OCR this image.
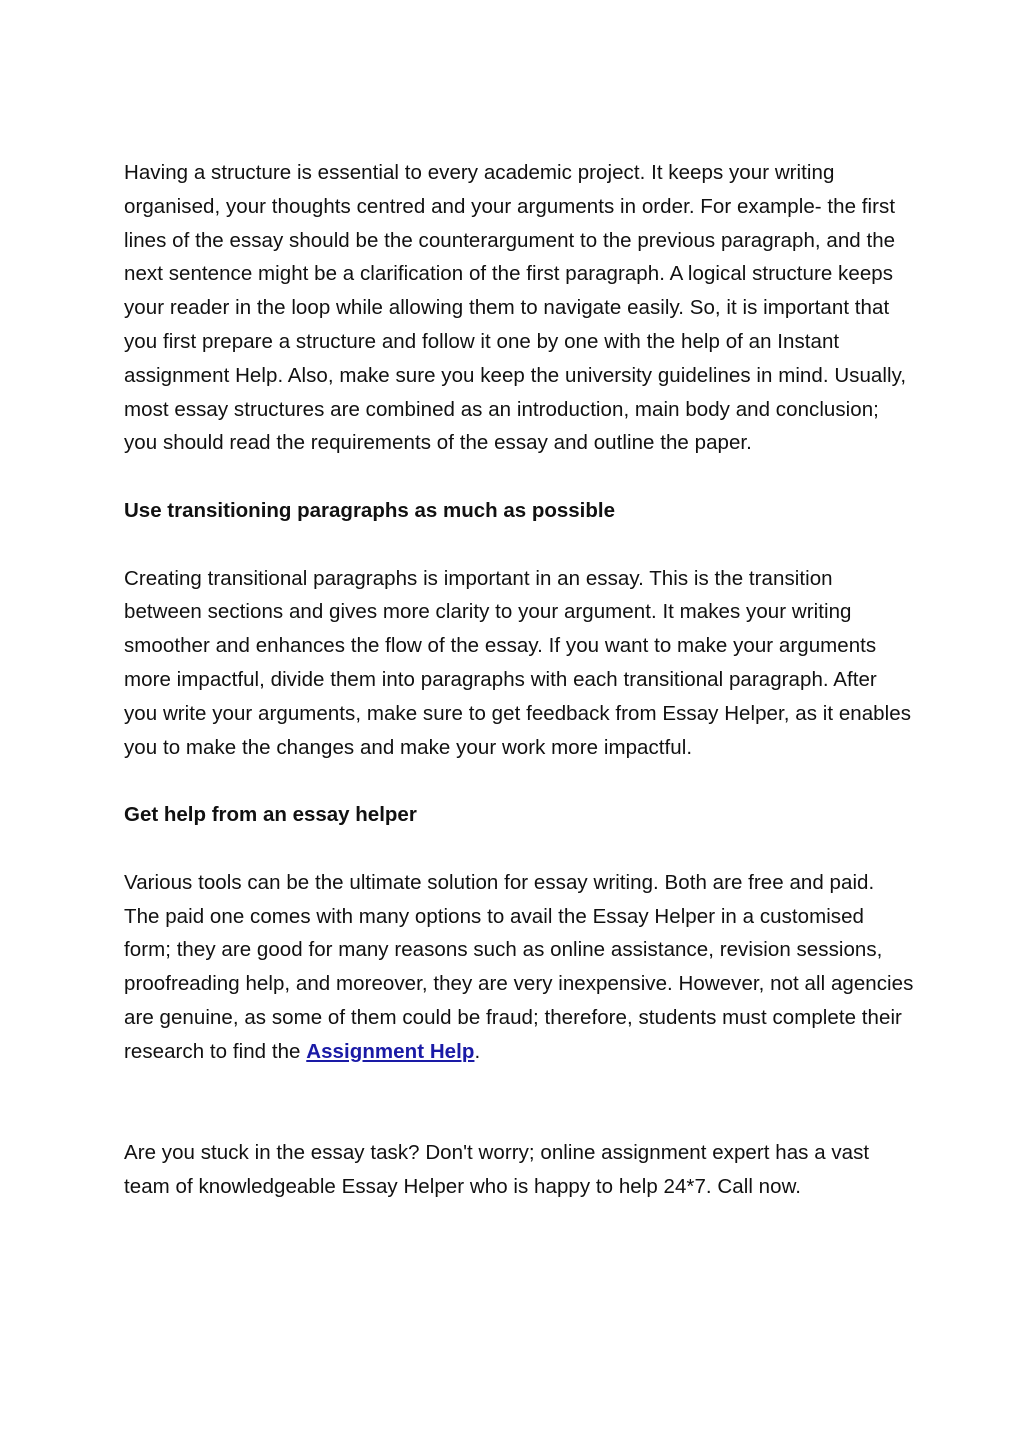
Having a structure is essential to every academic project. It keeps your writing organised, your thoughts centred and your arguments in order. For example- the first lines of the essay should be the counterargument to the previous paragraph, and the next sentence might be a clarification of the first paragraph. A logical structure keeps your reader in the loop while allowing them to navigate easily. So, it is important that you first prepare a structure and follow it one by one with the help of an Instant assignment Help. Also, make sure you keep the university guidelines in mind. Usually, most essay structures are combined as an introduction, main body and conclusion; you should read the requirements of the essay and outline the paper.

Use transitioning paragraphs as much as possible

Creating transitional paragraphs is important in an essay. This is the transition between sections and gives more clarity to your argument. It makes your writing smoother and enhances the flow of the essay. If you want to make your arguments more impactful, divide them into paragraphs with each transitional paragraph. After you write your arguments, make sure to get feedback from Essay Helper, as it enables you to make the changes and make your work more impactful.

Get help from an essay helper

Various tools can be the ultimate solution for essay writing. Both are free and paid. The paid one comes with many options to avail the Essay Helper in a customised form; they are good for many reasons such as online assistance, revision sessions, proofreading help, and moreover, they are very inexpensive. However, not all agencies are genuine, as some of them could be fraud; therefore, students must complete their research to find the Assignment Help.

Are you stuck in the essay task? Don't worry; online assignment expert has a vast team of knowledgeable Essay Helper who is happy to help 24*7. Call now.
